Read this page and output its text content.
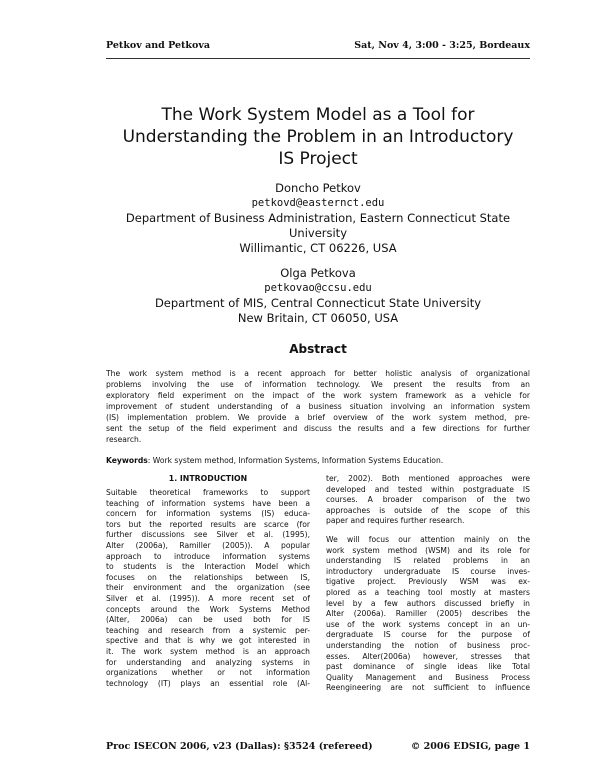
Petkov and Petkova	Sat, Nov 4, 3:00 - 3:25, Bordeaux
The Work System Model as a Tool for
Understanding the Problem in an Introductory
IS Project
Doncho Petkov
petkovd@easternct.edu
Department of Business Administration, Eastern Connecticut State
University
Willimantic, CT 06226, USA
Olga Petkova
petkovao@ccsu.edu
Department of MIS, Central Connecticut State University
New Britain, CT 06050, USA
Abstract
The work system method is a recent approach for better holistic analysis of organizational
problems involving the use of information technology. We present the results from an
exploratory field experiment on the impact of the work system framework as a vehicle for
improvement of student understanding of a business situation involving an information system
(IS) implementation problem. We provide a brief overview of the work system method, pre-
sent the setup of the field experiment and discuss the results and a few directions for further
research.
Keywords: Work system method, Information Systems, Information Systems Education.
1. INTRODUCTION
Suitable theoretical frameworks to support
teaching of information systems have been a
concern for information systems (IS) educa-
tors but the reported results are scarce (for
further discussions see Silver et al. (1995),
Alter (2006a), Ramiller (2005)). A popular
approach to introduce information systems
to students is the Interaction Model which
focuses on the relationships between IS,
their environment and the organization (see
Silver et al. (1995)). A more recent set of
concepts around the Work Systems Method
(Alter, 2006a) can be used both for IS
teaching and research from a systemic per-
spective and that is why we got interested in
it. The work system method is an approach
for understanding and analyzing systems in
organizations whether or not information
technology (IT) plays an essential role (Al-
ter, 2002). Both mentioned approaches were
developed and tested within postgraduate IS
courses. A broader comparison of the two
approaches is outside of the scope of this
paper and requires further research.
We will focus our attention mainly on the
work system method (WSM) and its role for
understanding IS related problems in an
introductory undergraduate IS course inves-
tigative project. Previously WSM was ex-
plored as a teaching tool mostly at masters
level by a few authors discussed briefly in
Alter (2006a). Ramiller (2005) describes the
use of the work systems concept in an un-
dergraduate IS course for the purpose of
understanding the notion of business proc-
esses. Alter(2006a) however, stresses that
past dominance of single ideas like Total
Quality Management and Business Process
Reengineering are not sufficient to influence
Proc ISECON 2006, v23 (Dallas): §3524 (refereed)	© 2006 EDSIG, page 1
